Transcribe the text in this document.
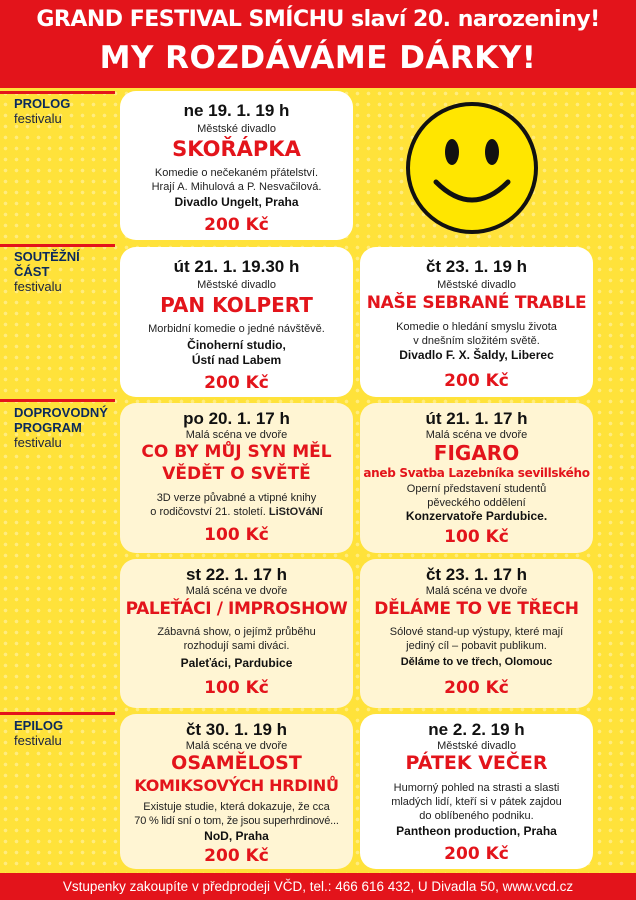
GRAND FESTIVAL SMÍCHU slaví 20. narozeniny!
MY ROZDÁVÁME DÁRKY!
PROLOG
festivalu
SOUTĚŽNÍ
ČÁST
festivalu
DOPROVODNÝ
PROGRAM
festivalu
EPILOG
festivalu
ne 19. 1. 19 h
Městské divadlo
SKOŘÁPKA
Komedie o nečekaném přátelství.
Hrají A. Mihulová a P. Nesvačilová.
Divadlo Ungelt, Praha
200 Kč
út 21. 1. 19.30 h
Městské divadlo
PAN KOLPERT
Morbidní komedie o jedné návštěvě.
Činoherní studio,
Ústí nad Labem
200 Kč
čt 23. 1. 19 h
Městské divadlo
NAŠE SEBRANÉ TRABLE
Komedie o hledání smyslu života
v dnešním složitém světě.
Divadlo F. X. Šaldy, Liberec
200 Kč
po 20. 1. 17 h
Malá scéna ve dvoře
CO BY MŮJ SYN MĚL
VĚDĚT O SVĚTĚ
3D verze půvabné a vtipné knihy
o rodičovství 21. století. LiStOVáNí
100 Kč
út 21. 1. 17 h
Malá scéna ve dvoře
FIGARO
aneb Svatba Lazebníka sevillského
Operní představení studentů
pěveckého oddělení
Konzervatoře Pardubice.
100 Kč
st 22. 1. 17 h
Malá scéna ve dvoře
PALEŤÁCI / IMPROSHOW
Zábavná show, o jejímž průběhu
rozhodují sami diváci.
Paleťáci, Pardubice
100 Kč
čt 23. 1. 17 h
Malá scéna ve dvoře
DĚLÁME TO VE TŘECH
Sólové stand-up výstupy, které mají
jediný cíl – pobavit publikum.
Děláme to ve třech, Olomouc
200 Kč
čt 30. 1. 19 h
Malá scéna ve dvoře
OSAMĚLOST
KOMIKSOVÝCH HRDINŮ
Existuje studie, která dokazuje, že cca
70 % lidí sní o tom, že jsou superhrdinové...
NoD, Praha
200 Kč
ne 2. 2. 19 h
Městské divadlo
PÁTEK VEČER
Humorný pohled na strasti a slasti
mladých lidí, kteří si v pátek zajdou
do oblíbeného podniku.
Pantheon production, Praha
200 Kč
Vstupenky zakoupíte v předprodeji VČD, tel.: 466 616 432, U Divadla 50, www.vcd.cz
